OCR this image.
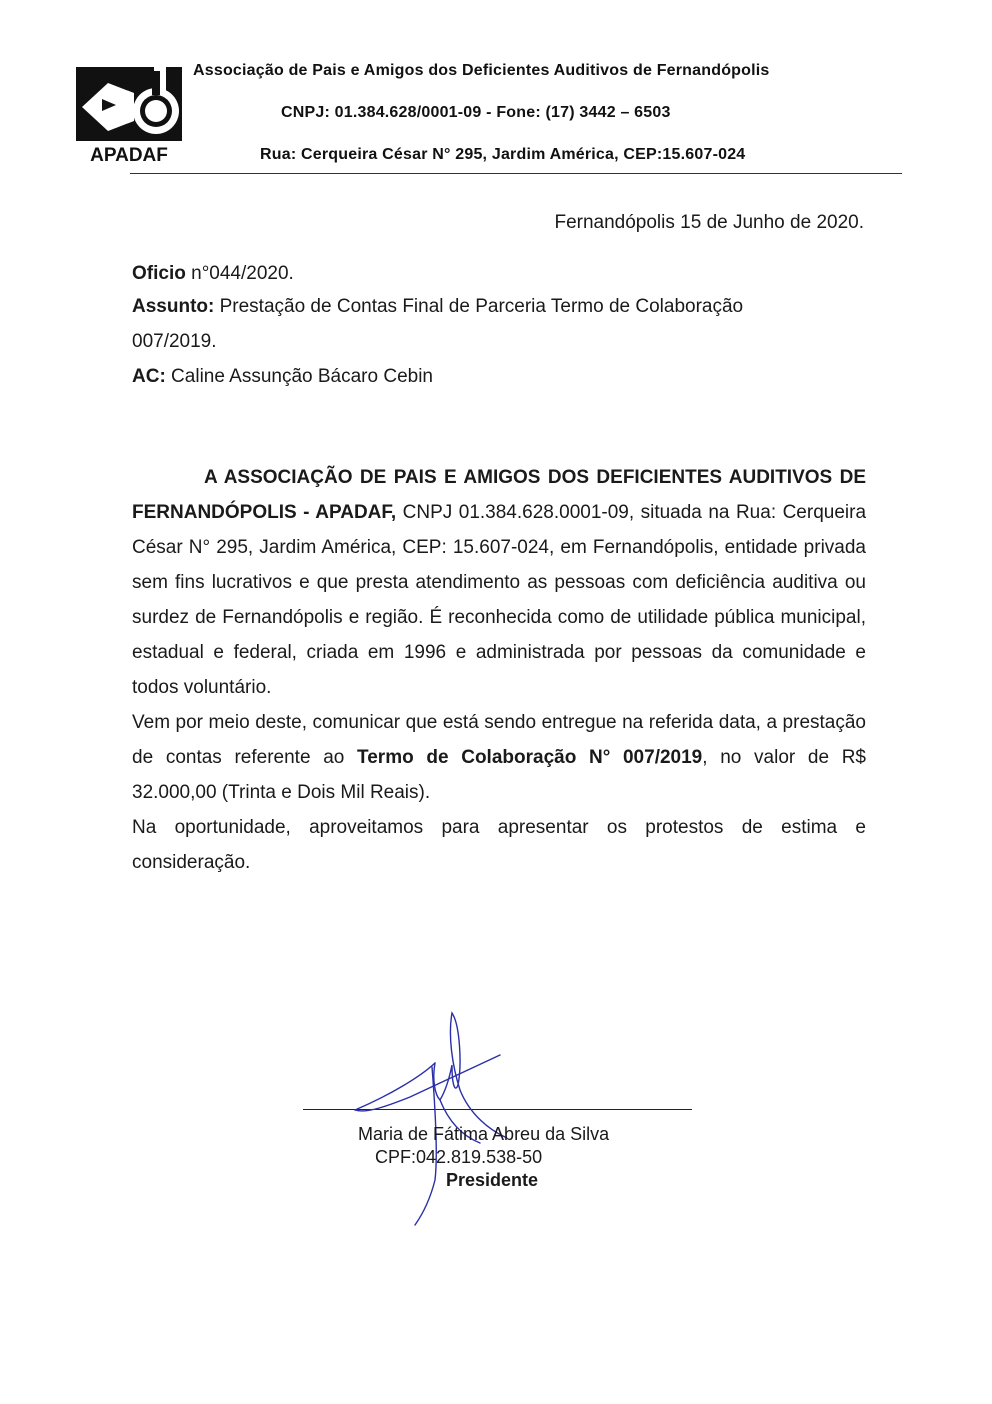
APADAF
Associação de Pais e Amigos dos Deficientes Auditivos de Fernandópolis
CNPJ: 01.384.628/0001-09 - Fone: (17) 3442 – 6503
Rua: Cerqueira César N° 295, Jardim América, CEP:15.607-024
Fernandópolis 15 de Junho de 2020.
Oficio n°044/2020.
Assunto: Prestação de Contas Final de Parceria Termo de Colaboração
007/2019.
AC: Caline Assunção Bácaro Cebin

A ASSOCIAÇÃO DE PAIS E AMIGOS DOS DEFICIENTES AUDITIVOS DE FERNANDÓPOLIS - APADAF, CNPJ 01.384.628.0001-09, situada na Rua: Cerqueira César N° 295, Jardim América, CEP: 15.607-024, em Fernandópolis, entidade privada sem fins lucrativos e que presta atendimento as pessoas com deficiência auditiva ou surdez de Fernandópolis e região. É reconhecida como de utilidade pública municipal, estadual e federal, criada em 1996 e administrada por pessoas da comunidade e todos voluntário.

Vem por meio deste, comunicar que está sendo entregue na referida data, a prestação de contas referente ao Termo de Colaboração N° 007/2019, no valor de R$ 32.000,00 (Trinta e Dois Mil Reais).

Na oportunidade, aproveitamos para apresentar os protestos de estima e consideração.

Maria de Fátima Abreu da Silva
CPF:042.819.538-50
Presidente
